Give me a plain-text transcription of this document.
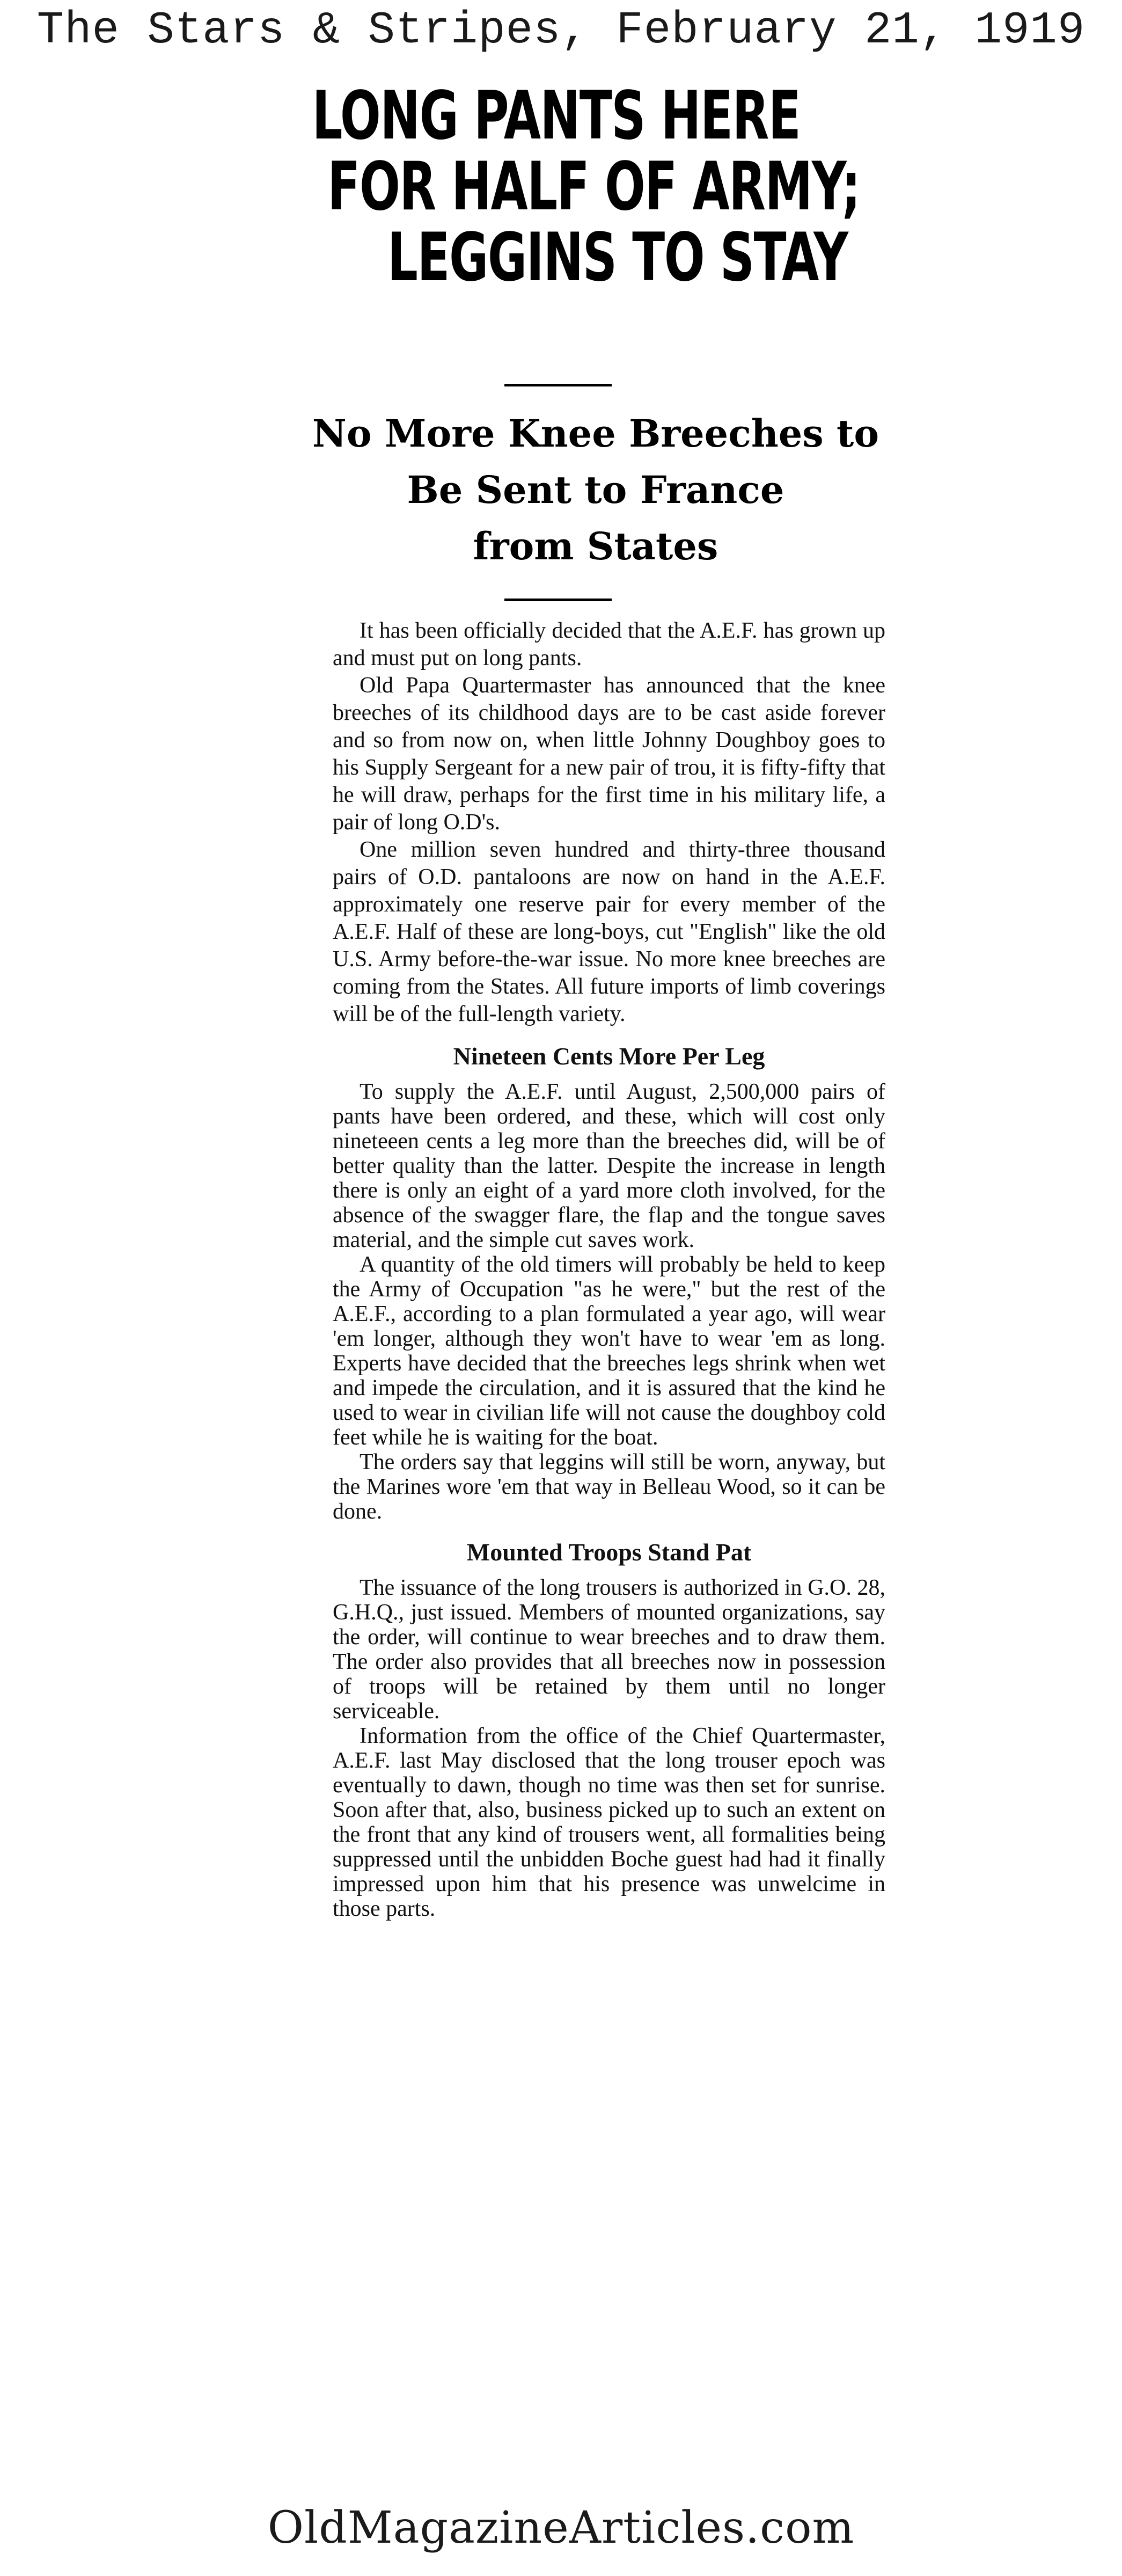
The Stars & Stripes, February 21, 1919
LONG PANTS HERE
FOR HALF OF ARMY;
LEGGINS TO STAY
No More Knee Breeches to
Be Sent to France
from States

It has been officially decided that the A.E.F. has grown up and must put on long pants.

Old Papa Quartermaster has announced that the knee breeches of its childhood days are to be cast aside forever and so from now on, when little Johnny Doughboy goes to his Supply Sergeant for a new pair of trou, it is fifty-fifty that he will draw, perhaps for the first time in his military life, a pair of long O.D's.

One million seven hundred and thirty-three thousand pairs of O.D. pantaloons are now on hand in the A.E.F. approximately one reserve pair for every member of the A.E.F. Half of these are long-boys, cut "English" like the old U.S. Army before-the-war issue. No more knee breeches are coming from the States. All future imports of limb coverings will be of the full-length variety.

Nineteen Cents More Per Leg

To supply the A.E.F. until August, 2,500,000 pairs of pants have been ordered, and these, which will cost only nineteeen cents a leg more than the breeches did, will be of better quality than the latter. Despite the increase in length there is only an eight of a yard more cloth involved, for the absence of the swagger flare, the flap and the tongue saves material, and the simple cut saves work.

A quantity of the old timers will probably be held to keep the Army of Occupation "as he were," but the rest of the A.E.F., according to a plan formulated a year ago, will wear 'em longer, although they won't have to wear 'em as long. Experts have decided that the breeches legs shrink when wet and impede the circulation, and it is assured that the kind he used to wear in civilian life will not cause the doughboy cold feet while he is waiting for the boat.

The orders say that leggins will still be worn, anyway, but the Marines wore 'em that way in Belleau Wood, so it can be done.

Mounted Troops Stand Pat

The issuance of the long trousers is authorized in G.O. 28, G.H.Q., just issued. Members of mounted organizations, say the order, will continue to wear breeches and to draw them. The order also provides that all breeches now in possession of troops will be retained by them until no longer serviceable.

Information from the office of the Chief Quartermaster, A.E.F. last May disclosed that the long trouser epoch was eventually to dawn, though no time was then set for sunrise. Soon after that, also, business picked up to such an extent on the front that any kind of trousers went, all formalities being suppressed until the unbidden Boche guest had had it finally impressed upon him that his presence was unwelcime in those parts.

OldMagazineArticles.com
